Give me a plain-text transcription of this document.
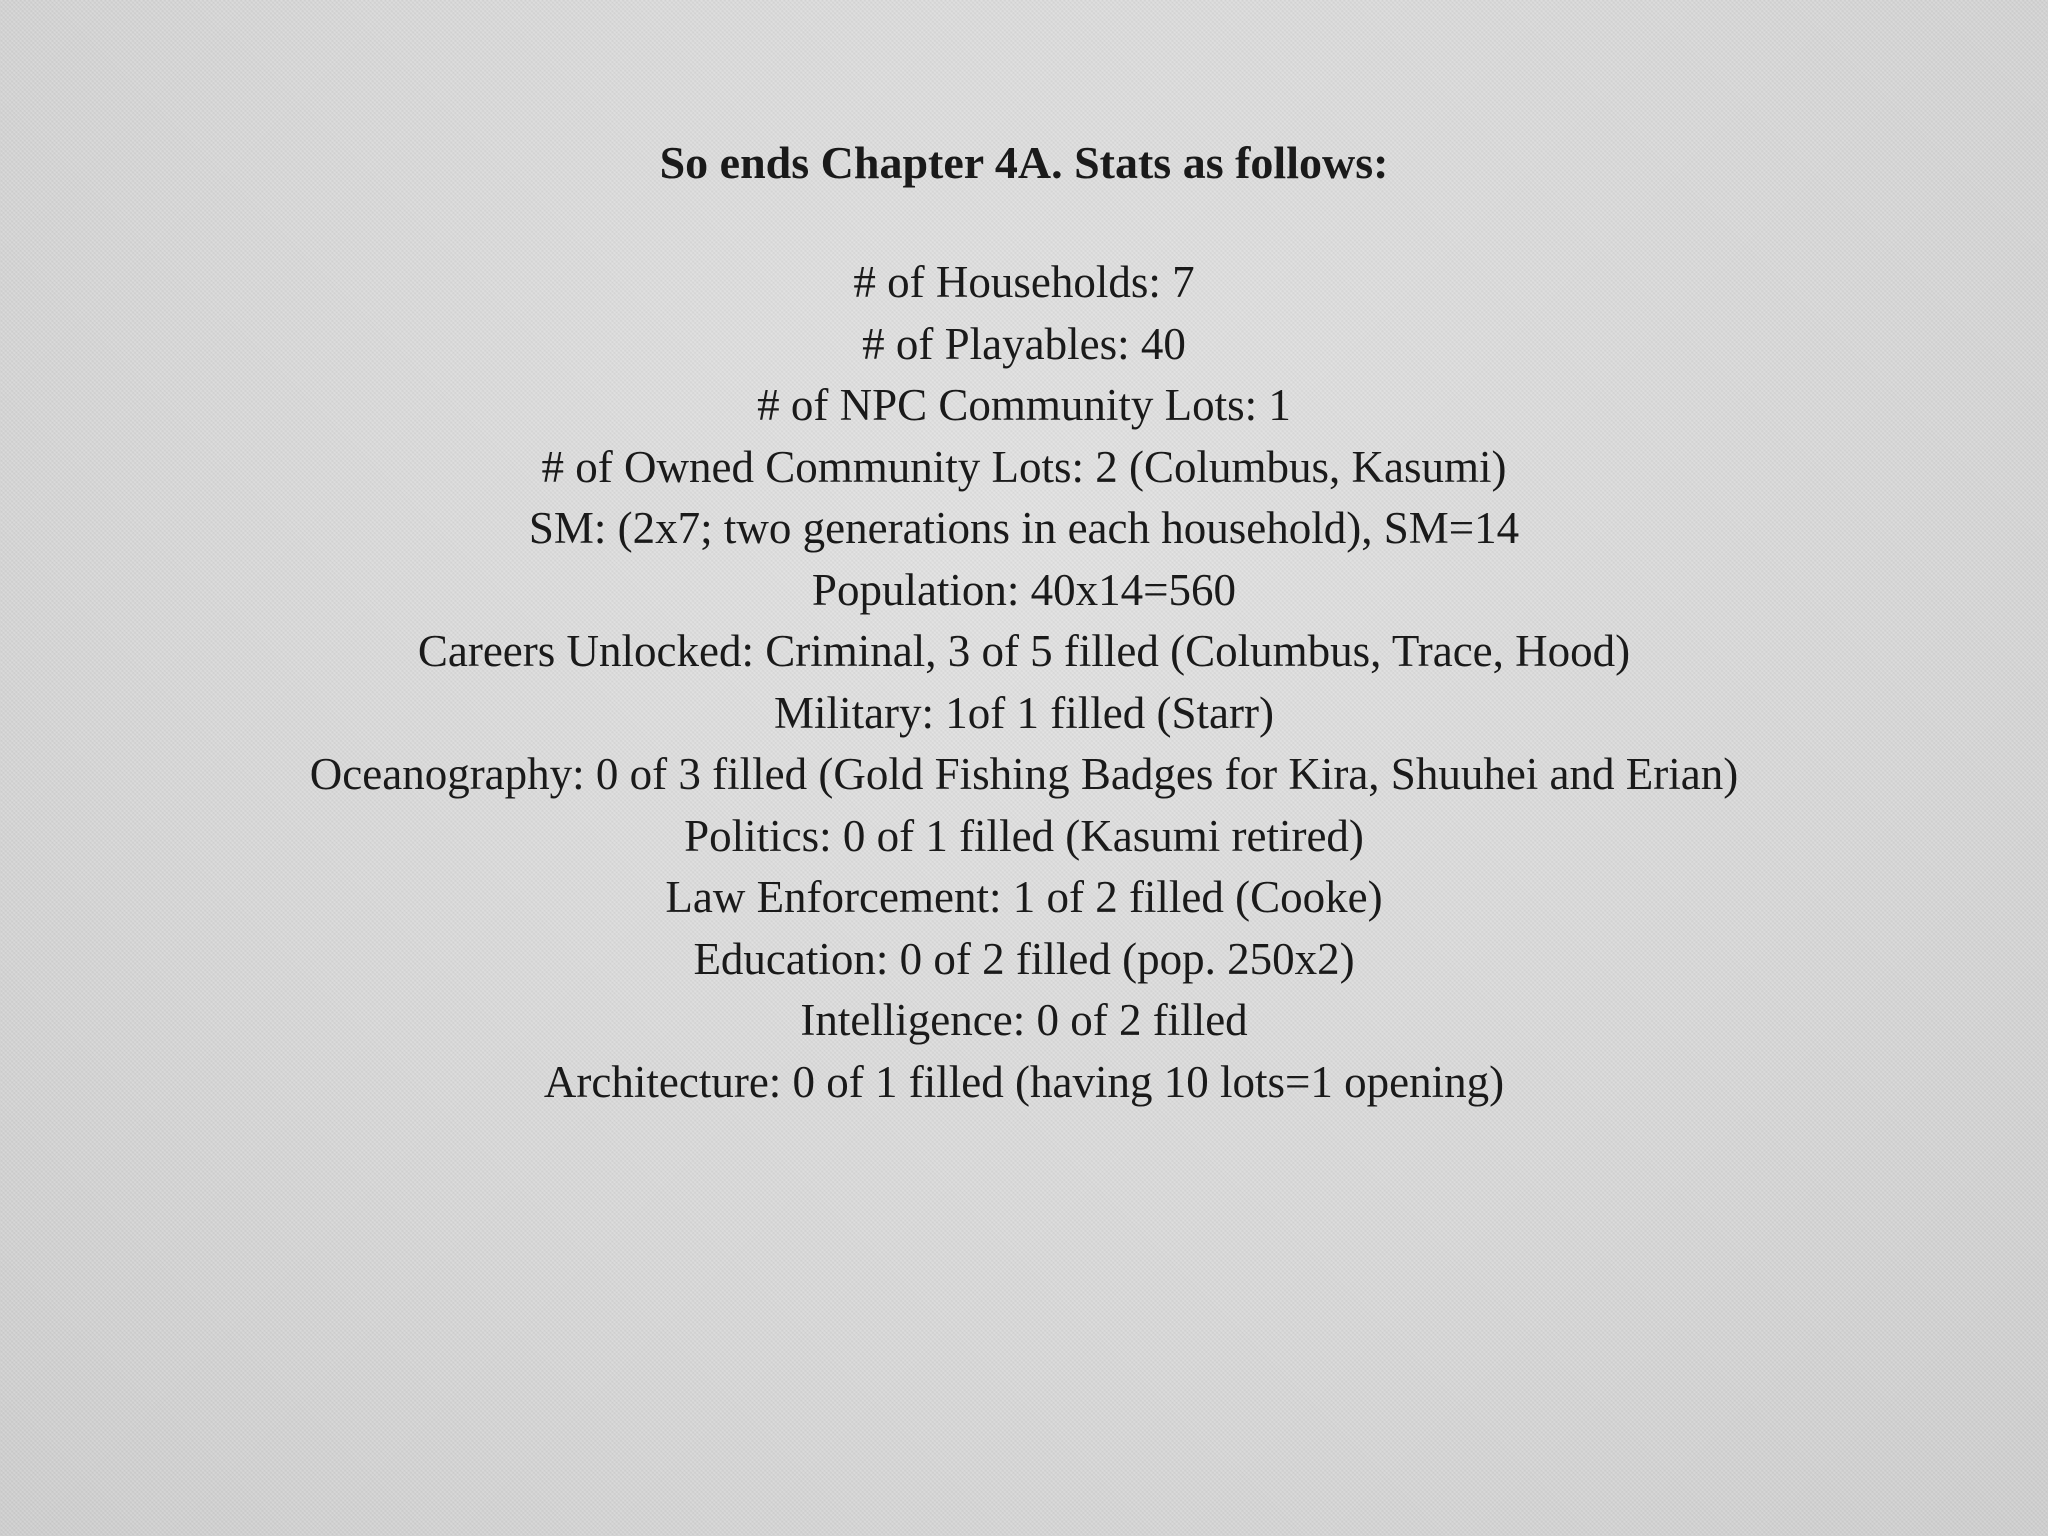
So ends Chapter 4A. Stats as follows:
# of Households: 7
# of Playables: 40
# of NPC Community Lots: 1
# of Owned Community Lots: 2 (Columbus, Kasumi)
SM: (2x7; two generations in each household), SM=14
Population: 40x14=560
Careers Unlocked: Criminal, 3 of 5 filled (Columbus, Trace, Hood)
Military: 1of 1 filled (Starr)
Oceanography: 0 of 3 filled (Gold Fishing Badges for Kira, Shuuhei and Erian)
Politics: 0 of 1 filled (Kasumi retired)
Law Enforcement: 1 of 2 filled (Cooke)
Education: 0 of 2 filled (pop. 250x2)
Intelligence: 0 of 2 filled
Architecture: 0 of 1 filled (having 10 lots=1 opening)
